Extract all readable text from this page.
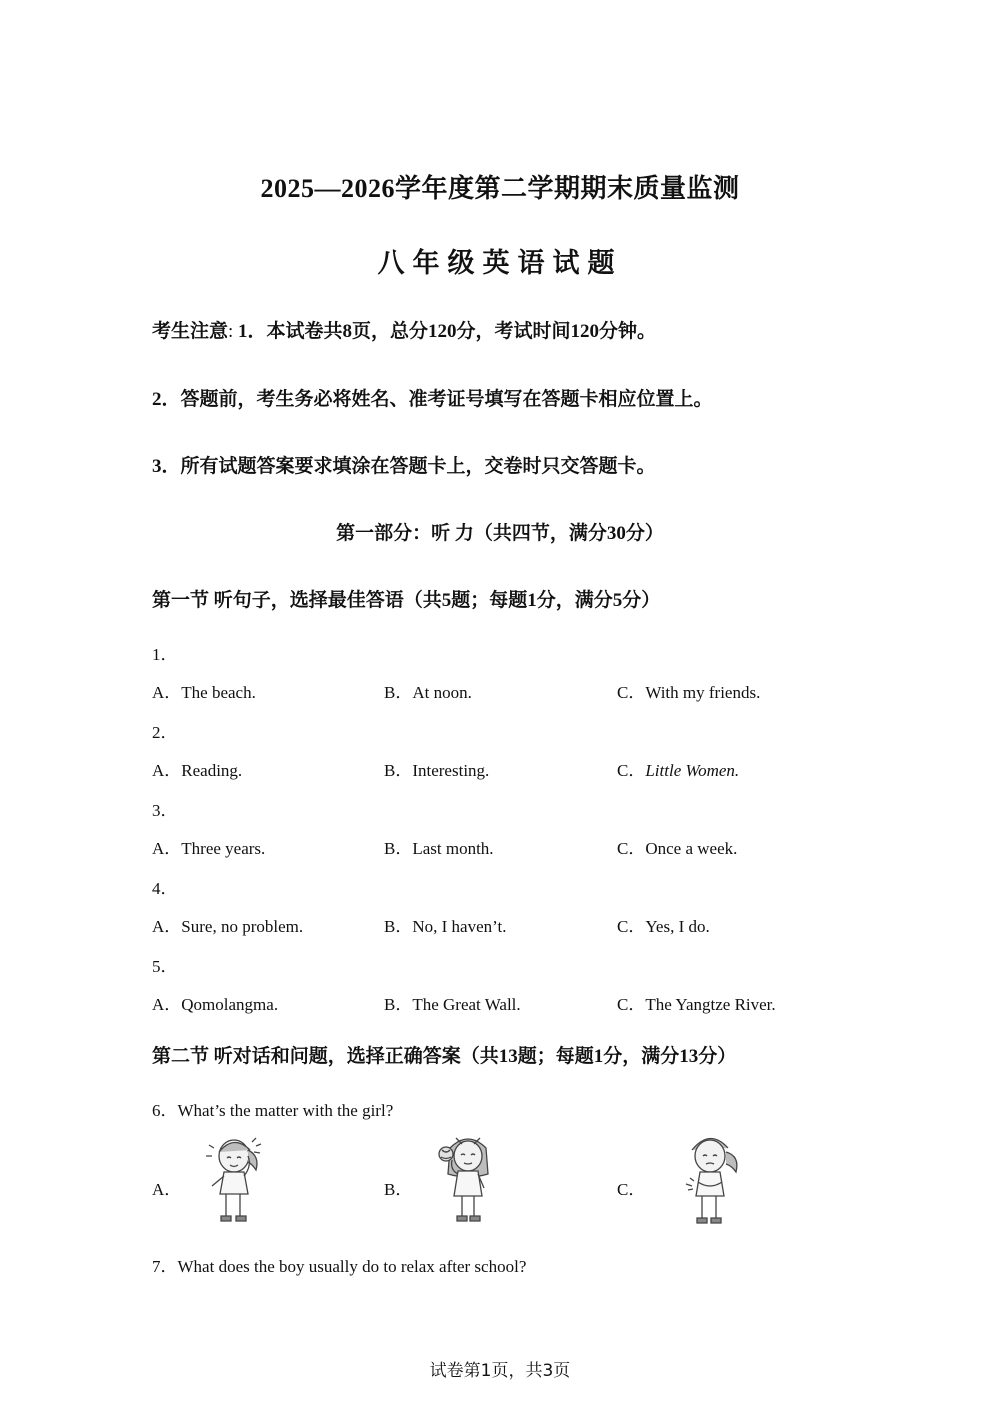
2025—2026学年度第二学期期末质量监测
八年级英语试题
考生注意: 1．本试卷共8页，总分120分，考试时间120分钟。
2．答题前，考生务必将姓名、准考证号填写在答题卡相应位置上。
3．所有试题答案要求填涂在答题卡上，交卷时只交答题卡。
第一部分：听 力（共四节，满分30分）
第一节 听句子，选择最佳答语（共5题；每题1分，满分5分）
1．
A．The beach.	B．At noon.	C．With my friends.
2．
A．Reading.	B．Interesting.	C．Little Women.
3．
A．Three years.	B．Last month.	C．Once a week.
4．
A．Sure, no problem.	B．No, I haven’t.	C．Yes, I do.
5．
A．Qomolangma.	B．The Great Wall.	C．The Yangtze River.
第二节 听对话和问题，选择正确答案（共13题；每题1分，满分13分）
6．What’s the matter with the girl?
A．	B．	C．
7．What does the boy usually do to relax after school?
试卷第1页，共3页
